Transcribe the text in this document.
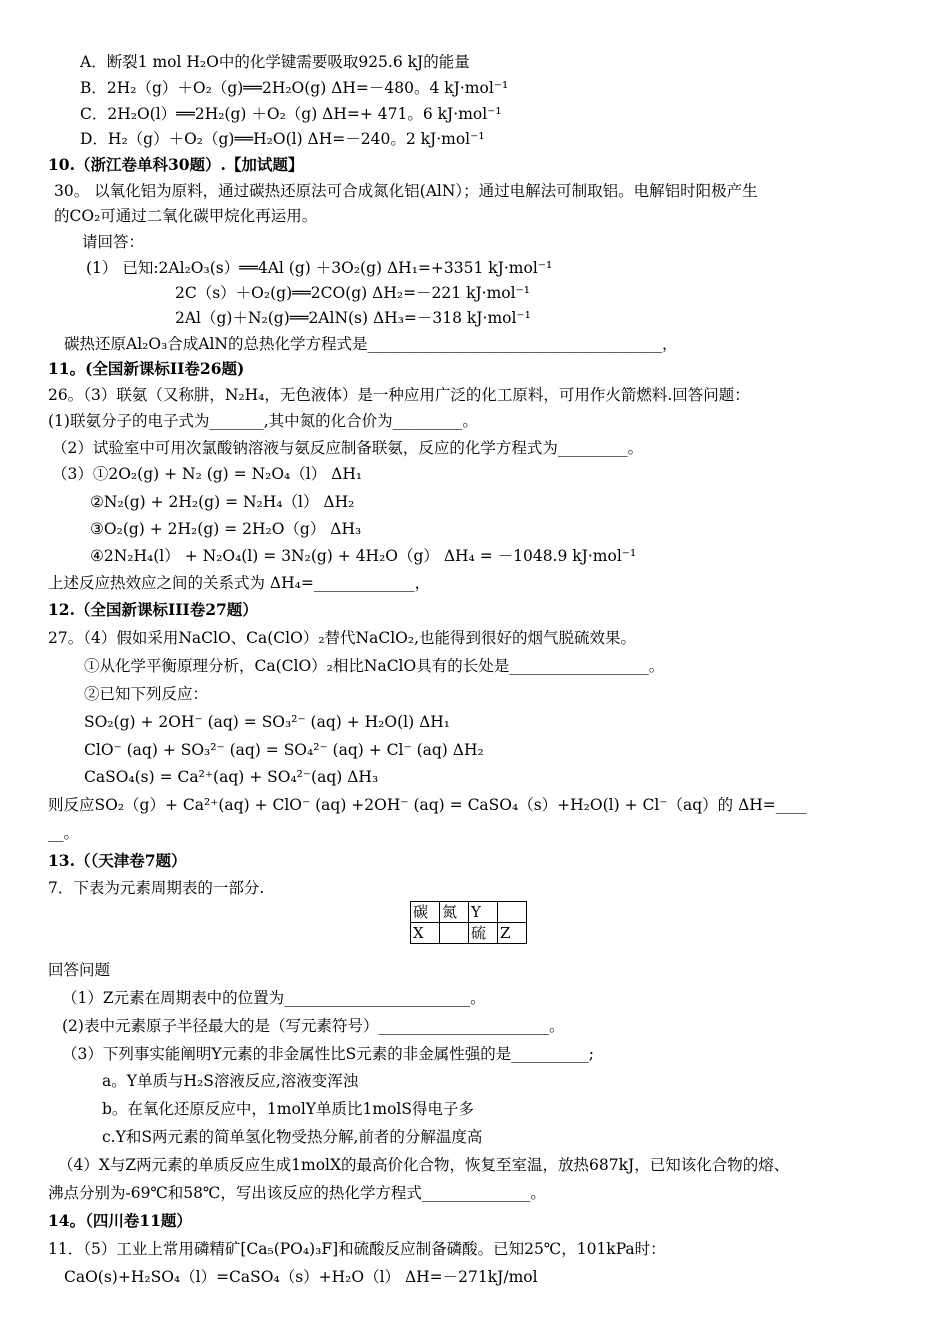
A．断裂1 mol H₂O中的化学键需要吸取925.6 kJ的能量
B．2H₂（g）＋O₂（g)══2H₂O(g) ΔH=－480。4 kJ·mol⁻¹
C．2H₂O(l）══2H₂(g) ＋O₂（g) ΔH=+ 471。6 kJ·mol⁻¹
D．H₂（g）＋O₂（g)══H₂O(l) ΔH=－240。2 kJ·mol⁻¹
10.（浙江卷单科30题）.【加试题】
30。 以氧化铝为原料，通过碳热还原法可合成氮化铝(AlN）；通过电解法可制取铝。电解铝时阳极产生
的CO₂可通过二氧化碳甲烷化再运用。
请回答：
(1） 已知:2Al₂O₃(s）══4Al (g) ＋3O₂(g) ΔH₁=+3351 kJ·mol⁻¹
2C（s）＋O₂(g)══2CO(g) ΔH₂=－221 kJ·mol⁻¹
2Al（g)＋N₂(g)══2AlN(s) ΔH₃=－318 kJ·mol⁻¹
碳热还原Al₂O₃合成AlN的总热化学方程式是______________________________________，
11。(全国新课标II卷26题)
26。（3）联氨（又称肼，N₂H₄，无色液体）是一种应用广泛的化工原料，可用作火箭燃料.回答问题：
(1)联氨分子的电子式为_______,其中氮的化合价为_________。
（2）试验室中可用次氯酸钠溶液与氨反应制备联氨，反应的化学方程式为_________。
（3）①2O₂(g) + N₂ (g) = N₂O₄（l） ΔH₁
②N₂(g) + 2H₂(g) = N₂H₄（l） ΔH₂
③O₂(g) + 2H₂(g) = 2H₂O（g） ΔH₃
④2N₂H₄(l） + N₂O₄(l) = 3N₂(g) + 4H₂O（g） ΔH₄ = －1048.9 kJ·mol⁻¹
上述反应热效应之间的关系式为 ΔH₄=_____________，
12.（全国新课标III卷27题）
27。（4）假如采用NaClO、Ca(ClO）₂替代NaClO₂,也能得到很好的烟气脱硫效果。
①从化学平衡原理分析，Ca(ClO）₂相比NaClO具有的长处是__________________。
②已知下列反应：
SO₂(g) + 2OH⁻ (aq) = SO₃²⁻ (aq) + H₂O(l) ΔH₁
ClO⁻ (aq) + SO₃²⁻ (aq) = SO₄²⁻ (aq) + Cl⁻ (aq) ΔH₂
CaSO₄(s) = Ca²⁺(aq) + SO₄²⁻(aq) ΔH₃
则反应SO₂（g）+ Ca²⁺(aq) + ClO⁻ (aq) +2OH⁻ (aq) = CaSO₄（s）+H₂O(l) + Cl⁻（aq）的 ΔH=____
__。
13.（（天津卷7题）
7．下表为元素周期表的一部分.
回答问题
（1）Z元素在周期表中的位置为________________________。
(2)表中元素原子半径最大的是（写元素符号）______________________。
（3）下列事实能阐明Y元素的非金属性比S元素的非金属性强的是__________;
a。Y单质与H₂S溶液反应,溶液变浑浊
b。在氧化还原反应中，1molY单质比1molS得电子多
c.Y和S两元素的简单氢化物受热分解,前者的分解温度高
（4）X与Z两元素的单质反应生成1molX的最高价化合物，恢复至室温，放热687kJ，已知该化合物的熔、
沸点分别为-69℃和58℃，写出该反应的热化学方程式______________。
14。（四川卷11题）
11．（5）工业上常用磷精矿[Ca₅(PO₄)₃F]和硫酸反应制备磷酸。已知25℃，101kPa时：
CaO(s)+H₂SO₄（l）=CaSO₄（s）+H₂O（l） ΔH=－271kJ/mol
碳	氮	Y	
X		硫	Z
